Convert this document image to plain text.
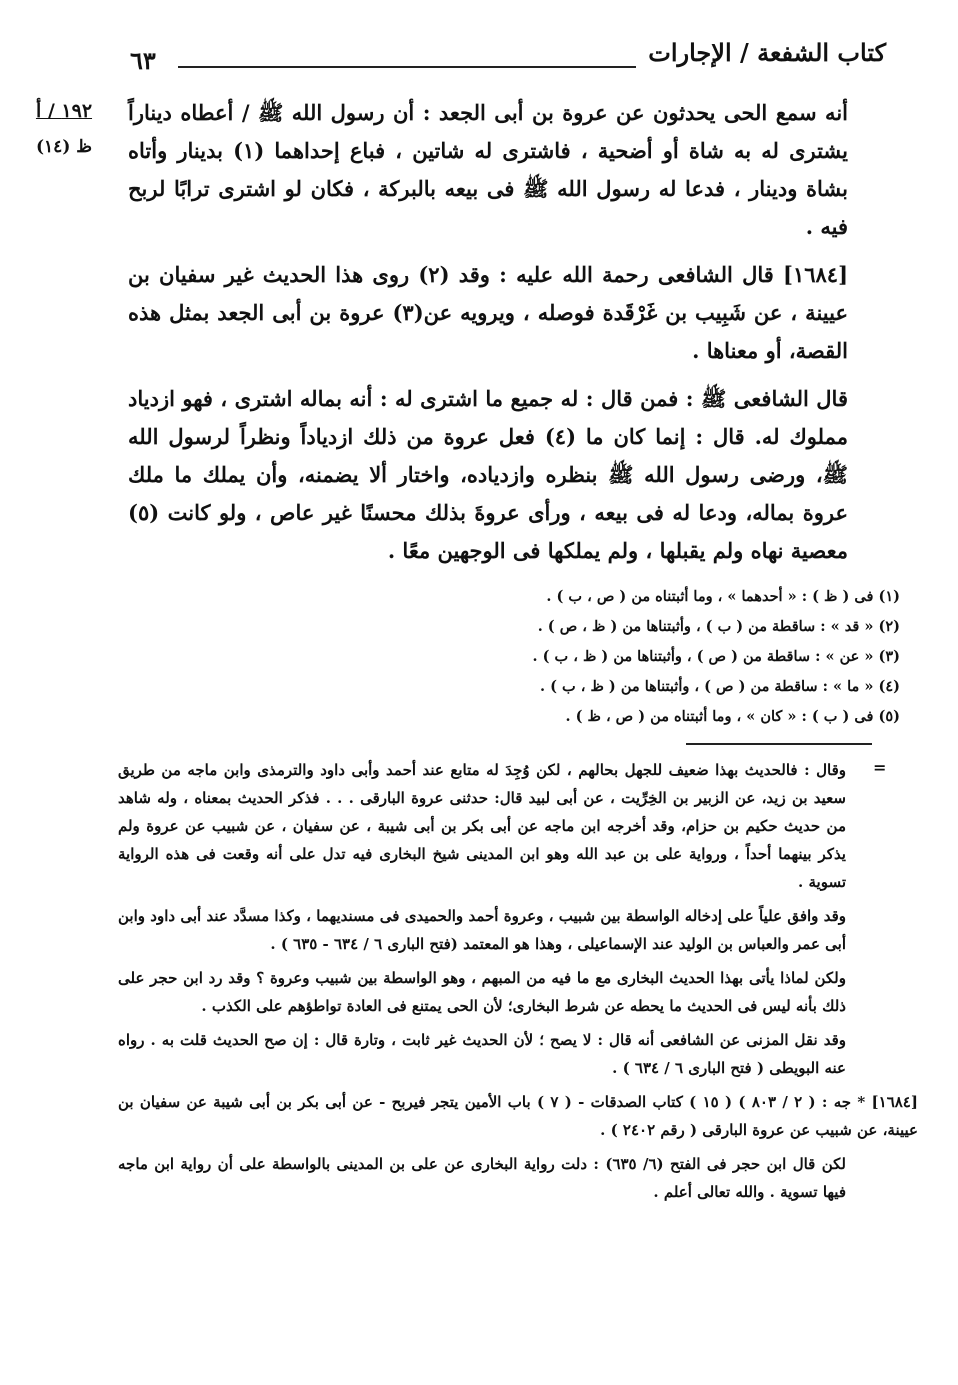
كتاب الشفعة / الإجارات
٦٣
١٩٢ / أ
ظ (١٤)

أنه سمع الحى يحدثون عن عروة بن أبى الجعد : أن رسول الله ﷺ / أعطاه ديناراً يشترى له به شاة أو أضحية ، فاشترى له شاتين ، فباع إحداهما (١) بدينار وأتاه بشاة ودينار ، فدعا له رسول الله ﷺ فى بيعه بالبركة ، فكان لو اشترى ترابًا لربح فيه .

[١٦٨٤] قال الشافعى رحمة الله عليه : وقد (٢) روى هذا الحديث غير سفيان بن عيينة ، عن شَبِيب بن غَرْقَدة فوصله ، ويرويه عن(٣) عروة بن أبى الجعد بمثل هذه القصة، أو معناها .

قال الشافعى ﷺ : فمن قال : له جميع ما اشترى له : أنه بماله اشترى ، فهو ازدياد مملوك له. قال : إنما كان ما (٤) فعل عروة من ذلك ازدياداً ونظراً لرسول الله ﷺ، ورضى رسول الله ﷺ بنظره وازدياده، واختار ألا يضمنه، وأن يملك ما ملك عروة بماله، ودعا له فى بيعه ، ورأى عروةَ بذلك محسنًا غير عاص ، ولو كانت (٥) معصية نهاه ولم يقبلها ، ولم يملكها فى الوجهين معًا .

(١) فى ( ظ ) : « أحدهما » ، وما أثبتناه من ( ص ، ب ) .
(٢) « قد » : ساقطة من ( ب ) ، وأثبتناها من ( ظ ، ص ) .
(٣) « عن » : ساقطة من ( ص ) ، وأثبتناها من ( ظ ، ب ) .
(٤) « ما » : ساقطة من ( ص ) ، وأثبتناها من ( ظ ، ب ) .
(٥) فى ( ب ) : « كان » ، وما أثبتناه من ( ص ، ظ ) .
=

وقال : فالحديث بهذا ضعيف للجهل بحالهم ، لكن وُجِدَ له متابع عند أحمد وأبى داود والترمذى وابن ماجه من طريق سعيد بن زيد، عن الزبير بن الخِرِّيت ، عن أبى لبيد قال: حدثنى عروة البارقى . . . فذكر الحديث بمعناه ، وله شاهد من حديث حكيم بن حزام، وقد أخرجه ابن ماجه عن أبى بكر بن أبى شيبة ، عن سفيان ، عن شبيب عن عروة ولم يذكر بينهما أحداً ، ورواية على بن عبد الله وهو ابن المدينى شيخ البخارى فيه تدل على أنه وقعت فى هذه الرواية تسوية .

وقد وافق علياً على إدخاله الواسطة بين شبيب ، وعروة أحمد والحميدى فى مسنديهما ، وكذا مسدَّد عند أبى داود وابن أبى عمر والعباس بن الوليد عند الإسماعيلى ، وهذا هو المعتمد (فتح البارى ٦ / ٦٣٤ - ٦٣٥ ) .

ولكن لماذا يأتى بهذا الحديث البخارى مع ما فيه من المبهم ، وهو الواسطة بين شبيب وعروة ؟ وقد رد ابن حجر على ذلك بأنه ليس فى الحديث ما يحطه عن شرط البخارى؛ لأن الحى يمتنع فى العادة تواطؤهم على الكذب .

وقد نقل المزنى عن الشافعى أنه قال : لا يصح ؛ لأن الحديث غير ثابت ، وتارة قال : إن صح الحديث قلت به . رواه عنه البويطى ( فتح البارى ٦ / ٦٣٤ ) .

[١٦٨٤] * جه : ( ٢ / ٨٠٣ ) ( ١٥ ) كتاب الصدقات - ( ٧ ) باب الأمين يتجر فيربح - عن أبى بكر بن أبى شيبة عن سفيان بن عيينة، عن شبيب عن عروة البارقى ( رقم ٢٤٠٢ ) .

لكن قال ابن حجر فى الفتح (٦/ ٦٣٥) : دلت رواية البخارى عن على بن المدينى بالواسطة على أن رواية ابن ماجه فيها تسوية . والله تعالى أعلم .
